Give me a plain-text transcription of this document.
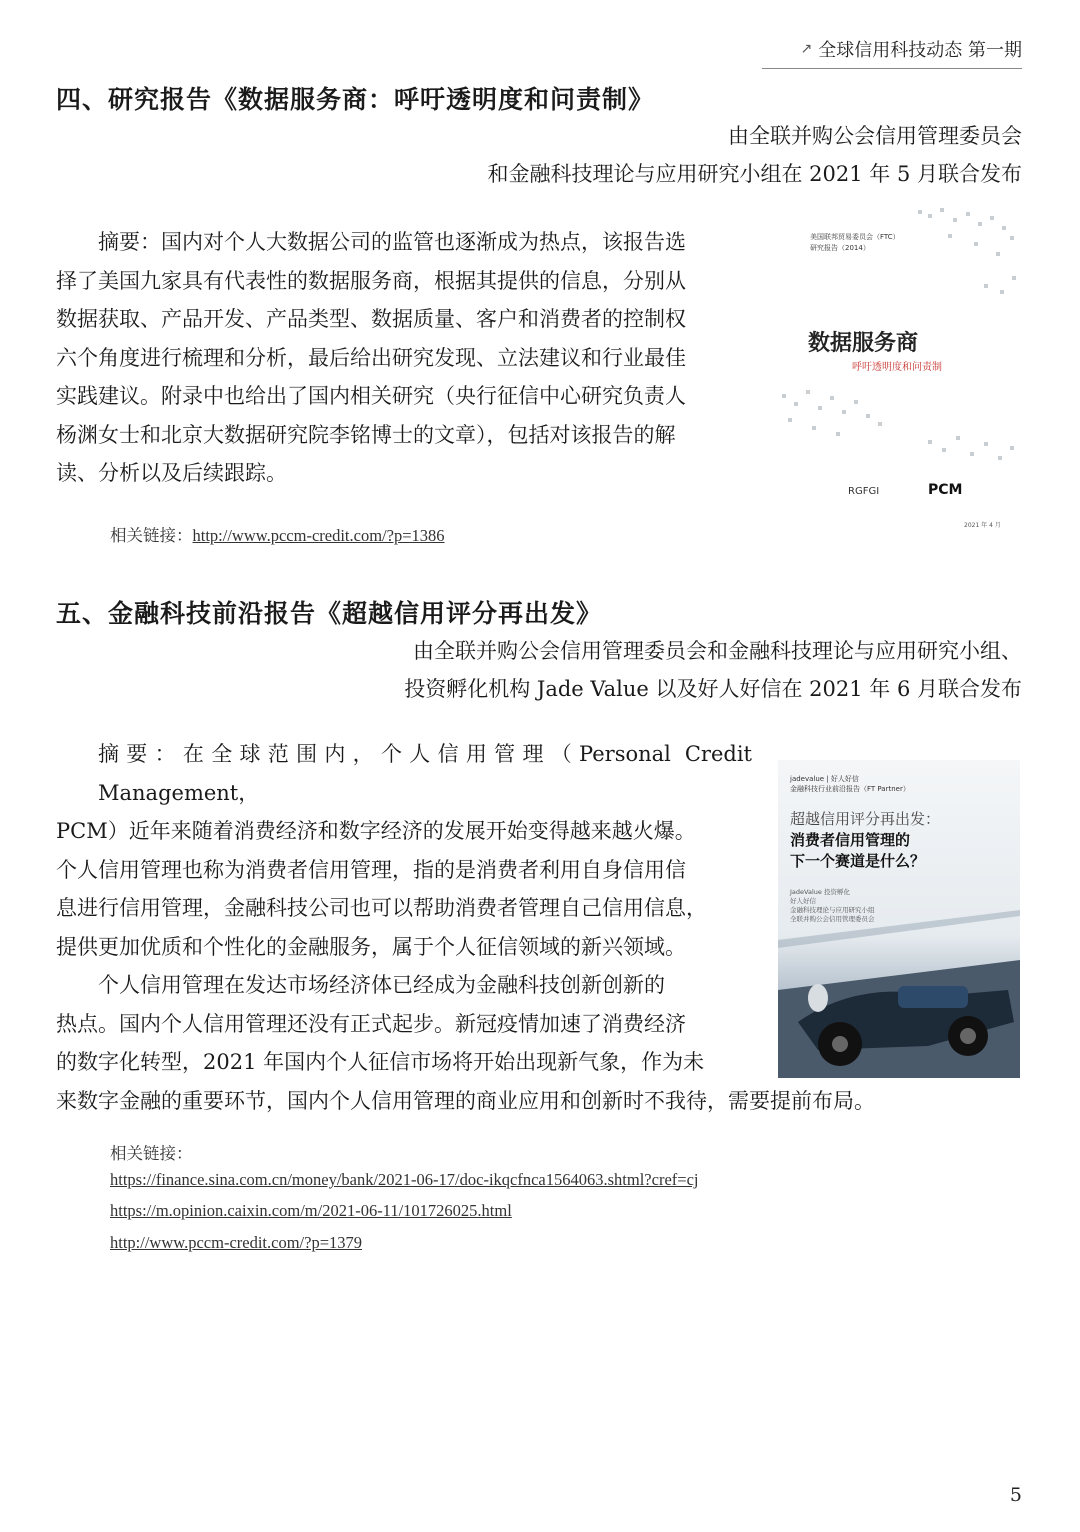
↗ 全球信用科技动态 第一期
四、研究报告《数据服务商：呼吁透明度和问责制》
由全联并购公会信用管理委员会
和金融科技理论与应用研究小组在 2021 年 5 月联合发布
摘要：国内对个人大数据公司的监管也逐渐成为热点，该报告选
择了美国九家具有代表性的数据服务商，根据其提供的信息，分别从
数据获取、产品开发、产品类型、数据质量、客户和消费者的控制权
六个角度进行梳理和分析，最后给出研究发现、立法建议和行业最佳
实践建议。附录中也给出了国内相关研究（央行征信中心研究负责人
杨渊女士和北京大数据研究院李铭博士的文章），包括对该报告的解
读、分析以及后续跟踪。
相关链接：http://www.pccm-credit.com/?p=1386
美国联邦贸易委员会（FTC）
研究报告（2014）
数据服务商
呼吁透明度和问责制
RGFGI	PCM
2021 年 4 月
五、金融科技前沿报告《超越信用评分再出发》
由全联并购公会信用管理委员会和金融科技理论与应用研究小组、
投资孵化机构 Jade Value 以及好人好信在 2021 年 6 月联合发布
摘要：在全球范围内，个人信用管理（Personal Credit Management，
PCM）近年来随着消费经济和数字经济的发展开始变得越来越火爆。
个人信用管理也称为消费者信用管理，指的是消费者利用自身信用信
息进行信用管理，金融科技公司也可以帮助消费者管理自己信用信息，
提供更加优质和个性化的金融服务，属于个人征信领域的新兴领域。
个人信用管理在发达市场经济体已经成为金融科技创新创新的
热点。国内个人信用管理还没有正式起步。新冠疫情加速了消费经济
的数字化转型，2021 年国内个人征信市场将开始出现新气象，作为未
来数字金融的重要环节，国内个人信用管理的商业应用和创新时不我待，需要提前布局。
相关链接：
https://finance.sina.com.cn/money/bank/2021-06-17/doc-ikqcfnca1564063.shtml?cref=cj
https://m.opinion.caixin.com/m/2021-06-11/101726025.html
http://www.pccm-credit.com/?p=1379
jadevalue | 好人好信
金融科技行业前沿报告（FT Partner）
超越信用评分再出发：
消费者信用管理的
下一个赛道是什么？
JadeValue 投资孵化
好人好信
金融科技理论与应用研究小组
全联并购公会信用管理委员会
5
